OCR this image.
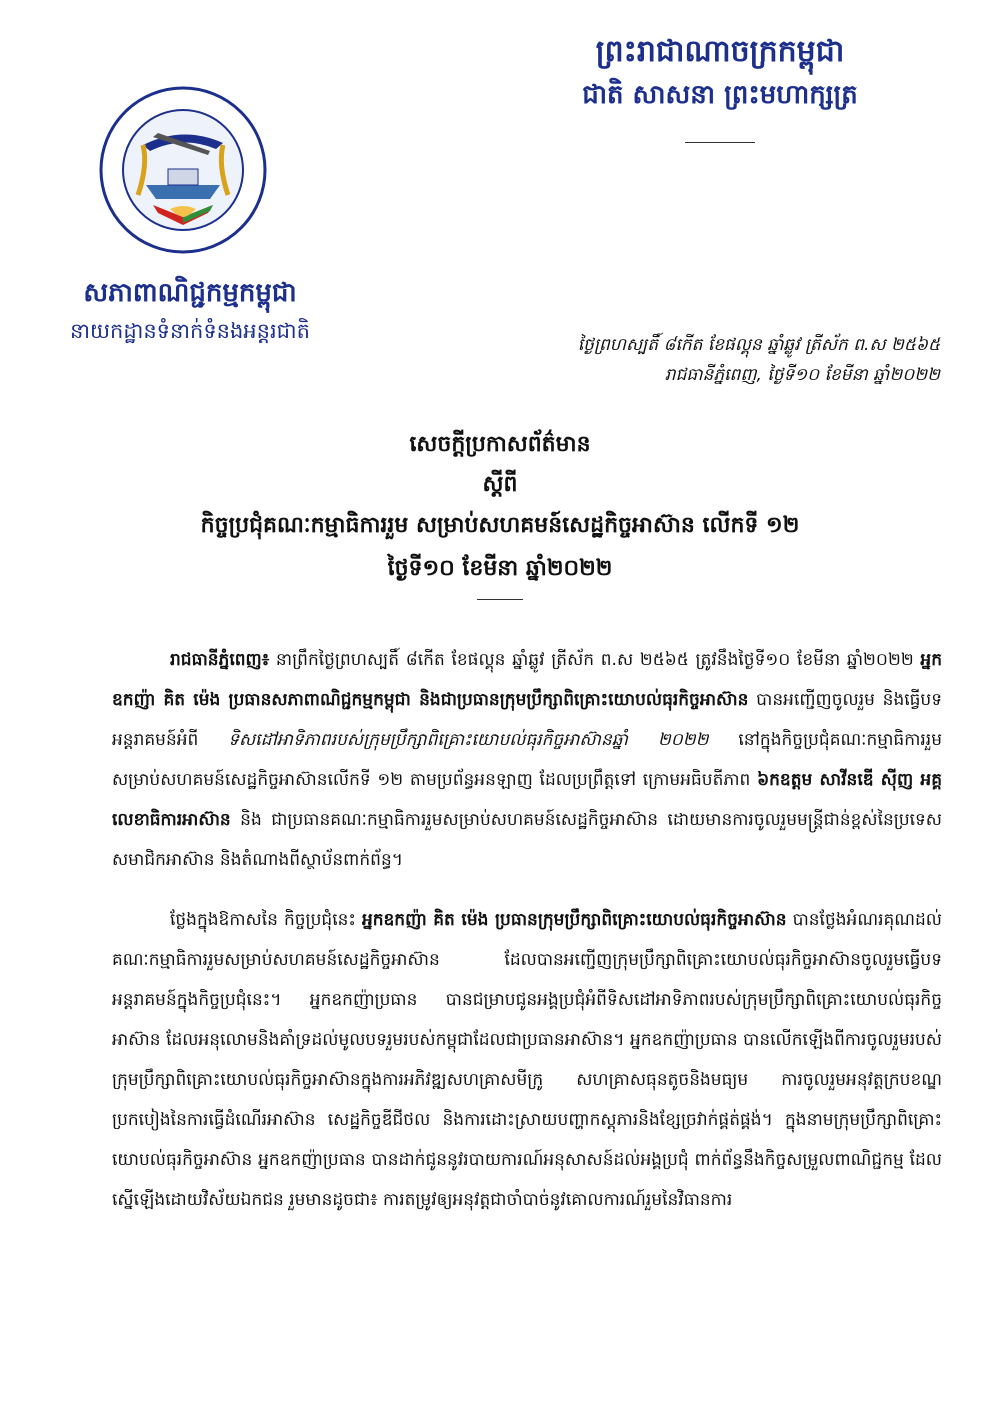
ព្រះរាជាណាចក្រកម្ពុជា
ជាតិ សាសនា ព្រះមហាក្សត្រ
សភាពាណិជ្ជកម្មកម្ពុជា
នាយកដ្ឋានទំនាក់ទំនងអន្តរជាតិ
ថ្ងៃព្រហស្បតិ៍ ៨កើត ខែផល្គុន ឆ្នាំឆ្លូវ ត្រីស័ក ព.ស ២៥៦៥
រាជធានីភ្នំពេញ, ថ្ងៃទី១០ ខែមីនា ឆ្នាំ២០២២
សេចក្តីប្រកាសព័ត៌មាន
ស្តីពី
កិច្ចប្រជុំគណៈកម្មាធិការរួម សម្រាប់សហគមន៍សេដ្ឋកិច្ចអាស៊ាន លើកទី ១២
ថ្ងៃទី១០ ខែមីនា ឆ្នាំ២០២២

រាជធានីភ្នំពេញ៖ នាព្រឹកថ្ងៃព្រហស្បតិ៍ ៨កើត ខែផល្គុន ឆ្នាំឆ្លូវ ត្រីស័ក ព.ស ២៥៦៥ ត្រូវនឹងថ្ងៃទី១០ ខែមីនា ឆ្នាំ២០២២ អ្នកឧកញ៉ា គិត ម៉េង ប្រធានសភាពាណិជ្ជកម្មកម្ពុជា និងជាប្រធានក្រុមប្រឹក្សាពិគ្រោះយោបល់ធុរកិច្ចអាស៊ាន បានអញ្ជើញចូលរួម និងធ្វើបទអន្តរាគមន៍អំពី ទិសដៅអាទិភាពរបស់ក្រុមប្រឹក្សាពិគ្រោះយោបល់ធុរកិច្ចអាស៊ានឆ្នាំ ២០២២ នៅក្នុងកិច្ចប្រជុំគណៈកម្មាធិការរួមសម្រាប់សហគមន៍សេដ្ឋកិច្ចអាស៊ានលើកទី ១២ តាមប្រព័ន្ធអនឡាញ ដែលប្រព្រឹត្តទៅ ក្រោមអធិបតីភាព ៦កឧត្តម សាវីនឌើ ស៊ីញ អគ្គលេខាធិការអាស៊ាន និង ជាប្រធានគណៈកម្មាធិការរួមសម្រាប់សហគមន៍សេដ្ឋកិច្ចអាស៊ាន ដោយមានការចូលរួមមន្រ្តីជាន់ខ្ពស់នៃប្រទេសសមាជិកអាស៊ាន និងតំណាងពីស្ថាប័នពាក់ព័ន្ធ។

ថ្លែងក្នុងឱកាសនៃ កិច្ចប្រជុំនេះ អ្នកឧកញ៉ា គិត ម៉េង ប្រធានក្រុមប្រឹក្សាពិគ្រោះយោបល់ធុរកិច្ចអាស៊ាន បានថ្លែងអំណរគុណដល់ គណៈកម្មាធិការរួមសម្រាប់សហគមន៍សេដ្ឋកិច្ចអាស៊ាន ដែលបានអញ្ជើញក្រុមប្រឹក្សាពិគ្រោះយោបល់ធុរកិច្ចអាស៊ានចូលរួមធ្វើបទអន្តរាគមន៍ក្នុងកិច្ចប្រជុំនេះ។ អ្នកឧកញ៉ាប្រធាន បានជម្រាបជូនអង្គប្រជុំអំពីទិសដៅអាទិភាពរបស់ក្រុមប្រឹក្សាពិគ្រោះយោបល់ធុរកិច្ចអាស៊ាន ដែលអនុលោមនិងគាំទ្រដល់មូលបទរួមរបស់កម្ពុជាដែលជាប្រធានអាស៊ាន។ អ្នកឧកញ៉ាប្រធាន បានលើកឡើងពីការចូលរួមរបស់ក្រុមប្រឹក្សាពិគ្រោះយោបល់ធុរកិច្ចអាស៊ានក្នុងការអភិវឌ្ឍសហគ្រាសមីក្រូ សហគ្រាសធុនតូចនិងមធ្យម ការចូលរួមអនុវត្តក្របខណ្ឌប្រកបៀងនៃការធ្វើដំណើរអាស៊ាន សេដ្ឋកិច្ចឌីជីថល និងការដោះស្រាយបញ្ហាកស្តុភារនិងខ្សែច្រវាក់ផ្គត់ផ្គង់។ ក្នុងនាមក្រុមប្រឹក្សាពិគ្រោះយោបល់ធុរកិច្ចអាស៊ាន អ្នកឧកញ៉ាប្រធាន បានដាក់ជូននូវរបាយការណ៍អនុសាសន៍ដល់អង្គប្រជុំ ពាក់ព័ន្ធនឹងកិច្ចសម្រួលពាណិជ្ជកម្ម ដែលស្នើឡើងដោយវិស័យឯកជន រួមមានដូចជា៖ ការតម្រូវឲ្យអនុវត្តជាចាំបាច់នូវគោលការណ៍រួមនៃវិធានការ
